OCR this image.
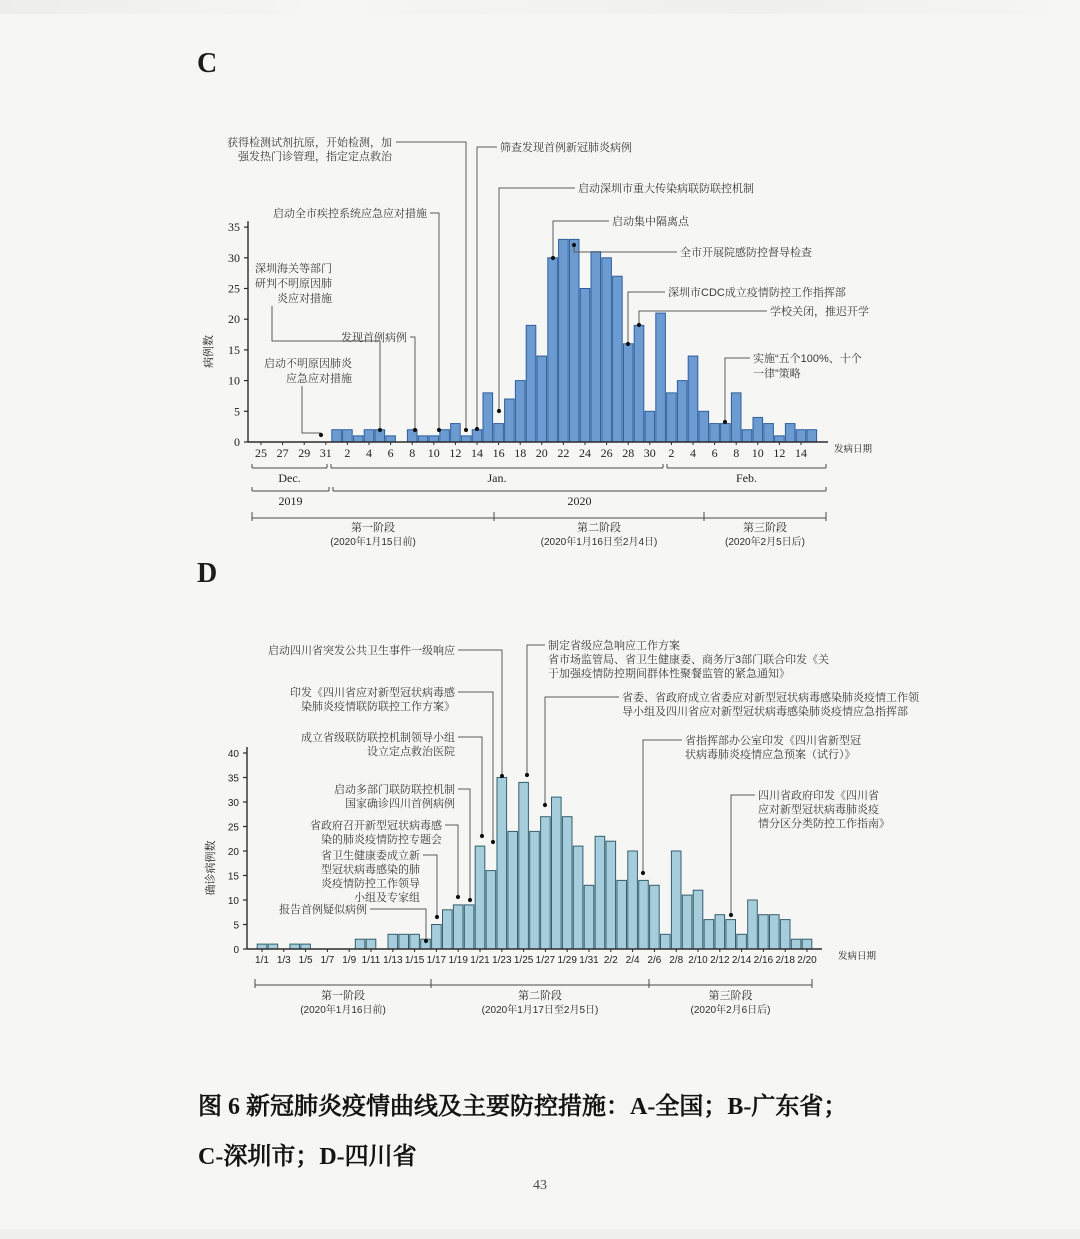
C
0
5
10
15
20
25
30
35
25 27 29 31 2 4 6 8 10 12 14 16 18 20 22 24 26 28 30 2 4 6 8 10 12 14
病例数
发病日期
Dec.	Jan.	Feb.
2019	2020
第一阶段
(2020年1月15日前)
第二阶段
(2020年1月16日至2月4日)
第三阶段
(2020年2月5日后)
获得检测试剂抗原，开始检测，加
强发热门诊管理，指定定点救治
筛查发现首例新冠肺炎病例
启动全市疾控系统应急应对措施
深圳海关等部门
研判不明原因肺
炎应对措施
发现首例病例
启动不明原因肺炎
应急应对措施
启动深圳市重大传染病联防联控机制
启动集中隔离点
全市开展院感防控督导检查
深圳市CDC成立疫情防控工作指挥部
学校关闭，推迟开学
实施“五个100%、十个
一律”策略
D
0
5
10
15
20
25
30
35
40
1/1 1/3 1/5 1/7 1/9 1/11 1/13 1/15 1/17 1/19 1/21 1/23 1/25 1/27 1/29 1/31 2/2 2/4 2/6 2/8 2/10 2/12 2/14 2/16 2/18 2/20
确诊病例数
发病日期
第一阶段
(2020年1月16日前)
第二阶段
(2020年1月17日至2月5日)
第三阶段
(2020年2月6日后)
启动四川省突发公共卫生事件一级响应
印发《四川省应对新型冠状病毒感
染肺炎疫情联防联控工作方案》
成立省级联防联控机制领导小组
设立定点救治医院
启动多部门联防联控机制
国家确诊四川首例病例
省政府召开新型冠状病毒感
染的肺炎疫情防控专题会
省卫生健康委成立新
型冠状病毒感染的肺
炎疫情防控工作领导
小组及专家组
报告首例疑似病例
制定省级应急响应工作方案
省市场监管局、省卫生健康委、商务厅3部门联合印发《关
于加强疫情防控期间群体性聚餐监管的紧急通知》
省委、省政府成立省委应对新型冠状病毒感染肺炎疫情工作领
导小组及四川省应对新型冠状病毒感染肺炎疫情应急指挥部
省指挥部办公室印发《四川省新型冠
状病毒肺炎疫情应急预案（试行）》
四川省政府印发《四川省
应对新型冠状病毒肺炎疫
情分区分类防控工作指南》
图 6 新冠肺炎疫情曲线及主要防控措施：A-全国；B-广东省；
C-深圳市；D-四川省
43
